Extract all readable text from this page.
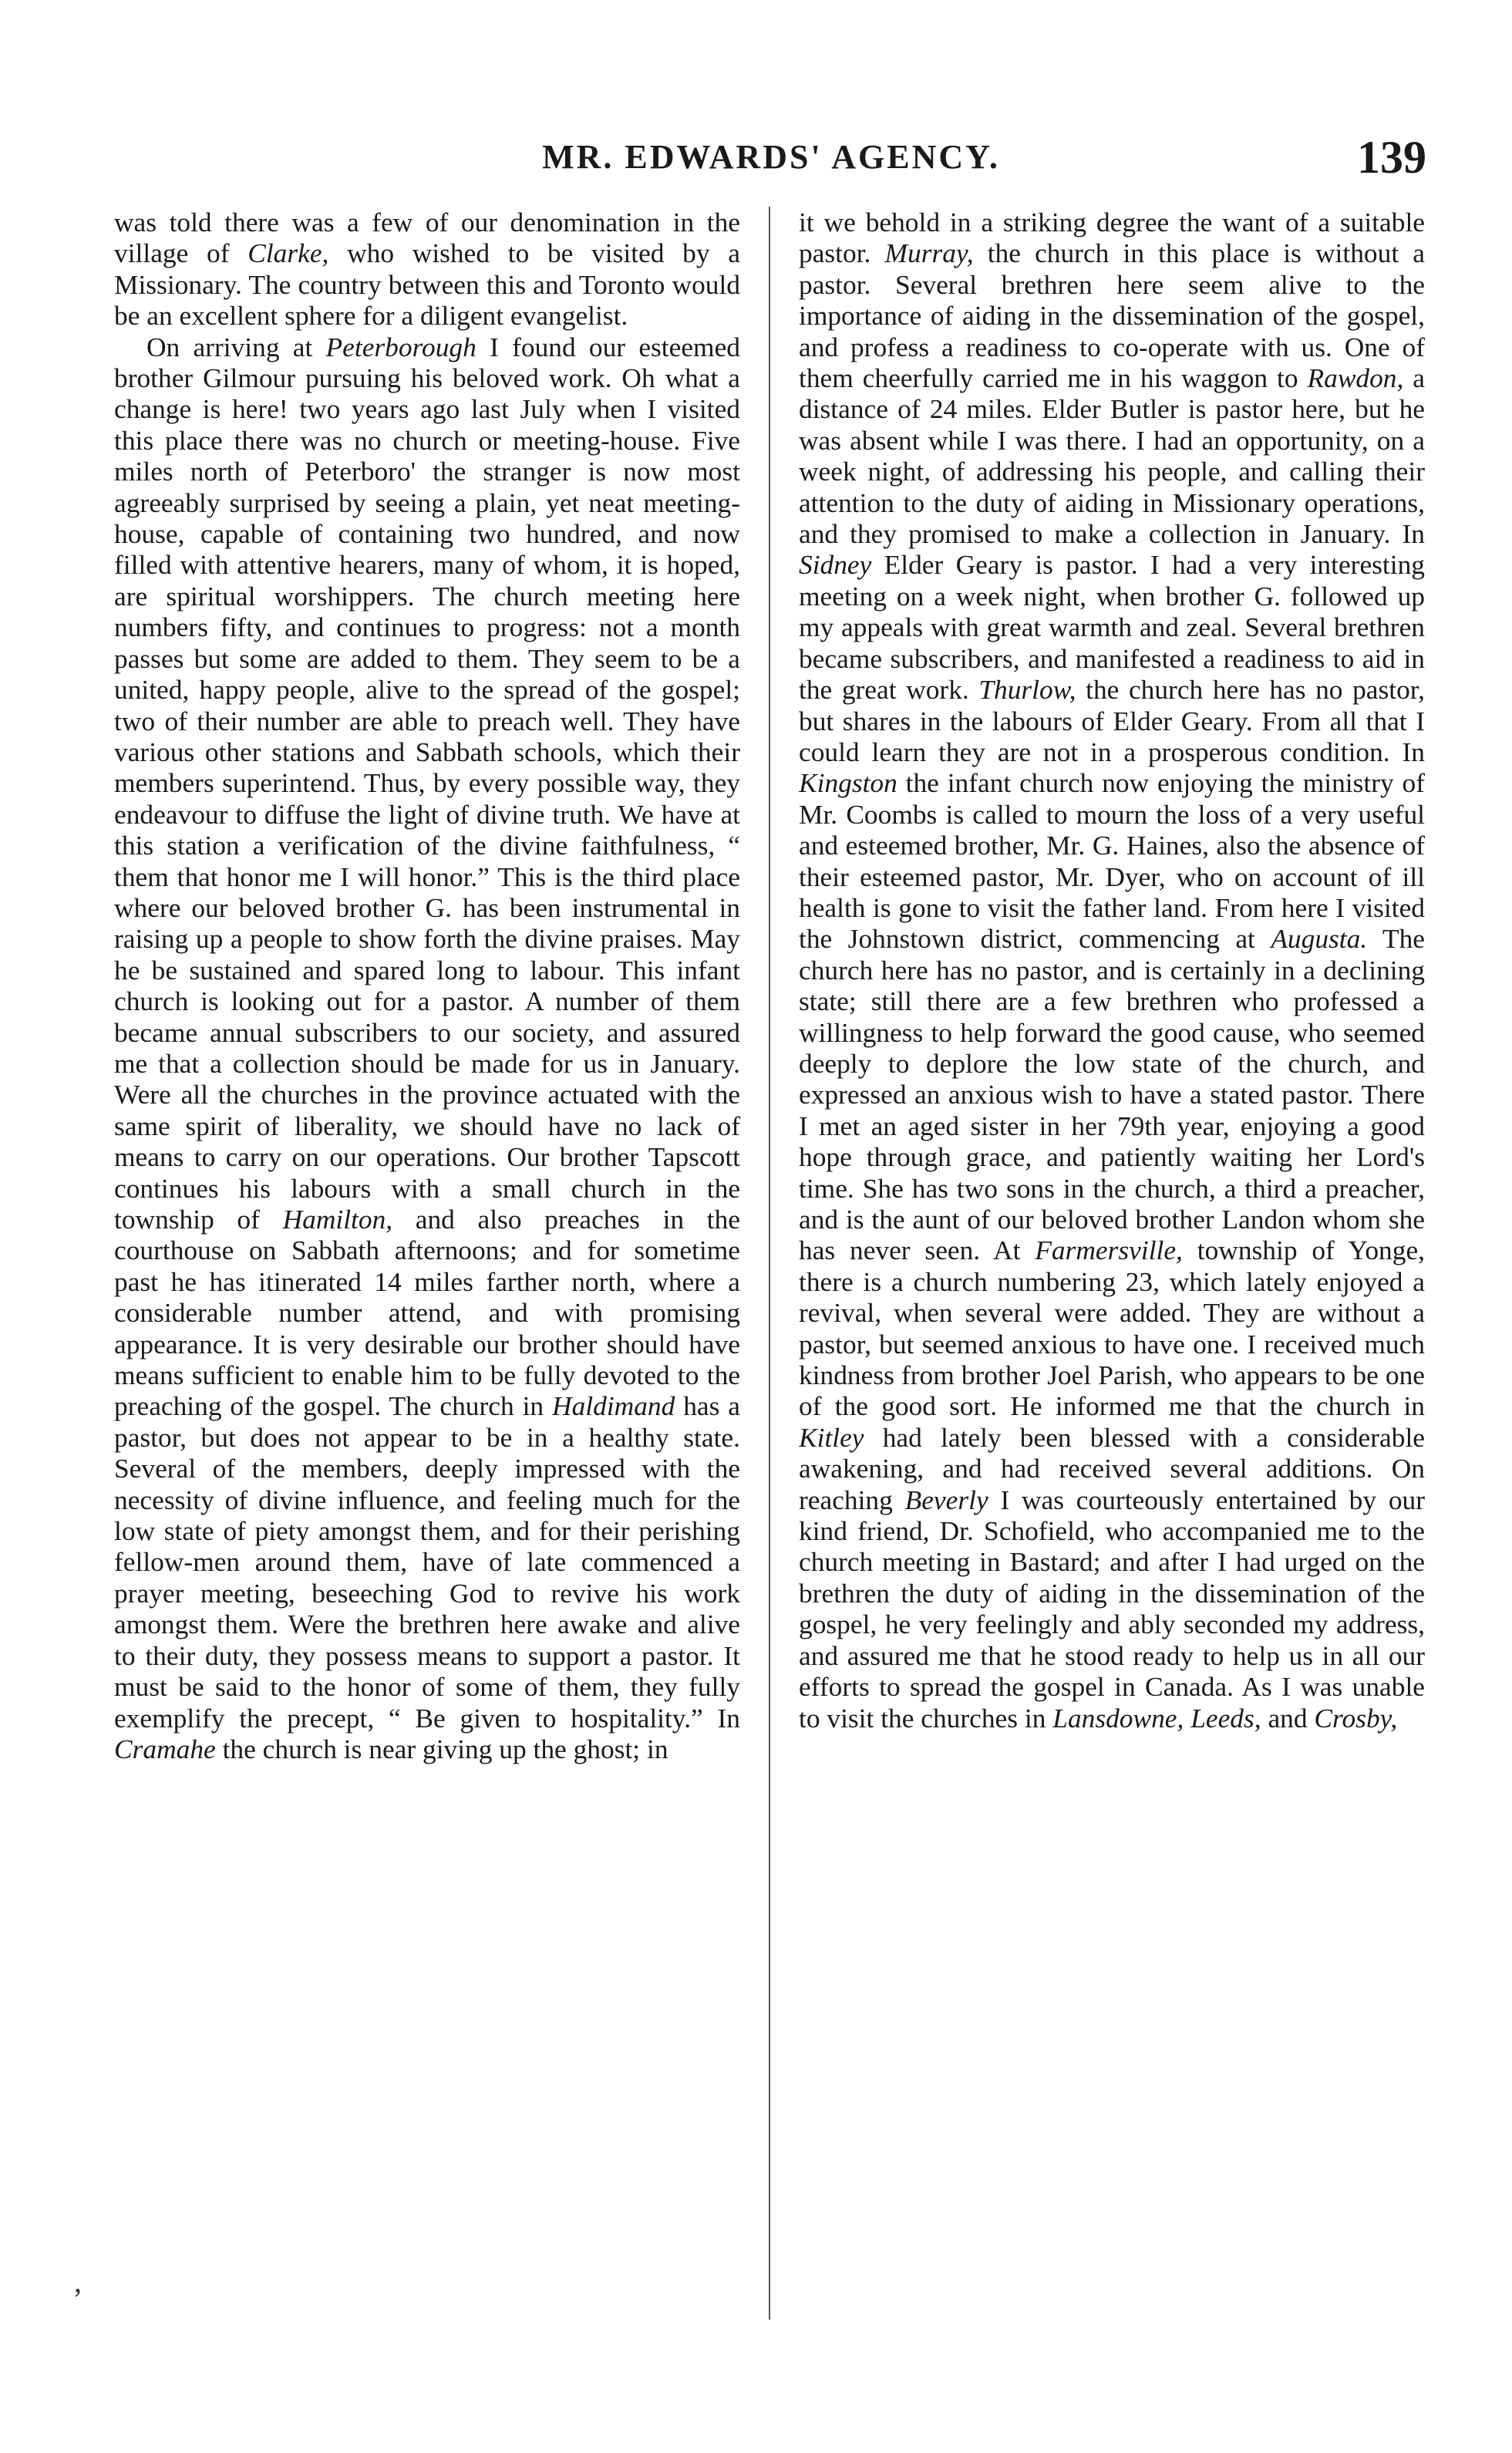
MR. EDWARDS' AGENCY.	139

was told there was a few of our denomination in the village of Clarke, who wished to be visited by a Missionary. The country between this and Toronto would be an excellent sphere for a diligent evangelist.

On arriving at Peterborough I found our esteemed brother Gilmour pursuing his beloved work. Oh what a change is here! two years ago last July when I visited this place there was no church or meeting-house. Five miles north of Peterboro' the stranger is now most agreeably surprised by seeing a plain, yet neat meeting-house, capable of containing two hundred, and now filled with attentive hearers, many of whom, it is hoped, are spiritual worshippers. The church meeting here numbers fifty, and continues to progress: not a month passes but some are added to them. They seem to be a united, happy people, alive to the spread of the gospel; two of their number are able to preach well. They have various other stations and Sabbath schools, which their members superintend. Thus, by every possible way, they endeavour to diffuse the light of divine truth. We have at this station a verification of the divine faithfulness, “ them that honor me I will honor.” This is the third place where our beloved brother G. has been instrumental in raising up a people to show forth the divine praises. May he be sustained and spared long to labour. This infant church is looking out for a pastor. A number of them became annual subscribers to our society, and assured me that a collection should be made for us in January. Were all the churches in the province actuated with the same spirit of liberality, we should have no lack of means to carry on our operations. Our brother Tapscott continues his labours with a small church in the township of Hamilton, and also preaches in the courthouse on Sabbath afternoons; and for sometime past he has itinerated 14 miles farther north, where a considerable number attend, and with promising appearance. It is very desirable our brother should have means sufficient to enable him to be fully devoted to the preaching of the gospel. The church in Haldimand has a pastor, but does not appear to be in a healthy state. Several of the members, deeply impressed with the necessity of divine influence, and feeling much for the low state of piety amongst them, and for their perishing fellow-men around them, have of late commenced a prayer meeting, beseeching God to revive his work amongst them. Were the brethren here awake and alive to their duty, they possess means to support a pastor. It must be said to the honor of some of them, they fully exemplify the precept, “ Be given to hospitality.” In Cramahe the church is near giving up the ghost; in

it we behold in a striking degree the want of a suitable pastor. Murray, the church in this place is without a pastor. Several brethren here seem alive to the importance of aiding in the dissemination of the gospel, and profess a readiness to co-operate with us. One of them cheerfully carried me in his waggon to Rawdon, a distance of 24 miles. Elder Butler is pastor here, but he was absent while I was there. I had an opportunity, on a week night, of addressing his people, and calling their attention to the duty of aiding in Missionary operations, and they promised to make a collection in January. In Sidney Elder Geary is pastor. I had a very interesting meeting on a week night, when brother G. followed up my appeals with great warmth and zeal. Several brethren became subscribers, and manifested a readiness to aid in the great work. Thurlow, the church here has no pastor, but shares in the labours of Elder Geary. From all that I could learn they are not in a prosperous condition. In Kingston the infant church now enjoying the ministry of Mr. Coombs is called to mourn the loss of a very useful and esteemed brother, Mr. G. Haines, also the absence of their esteemed pastor, Mr. Dyer, who on account of ill health is gone to visit the father land. From here I visited the Johnstown district, commencing at Augusta. The church here has no pastor, and is certainly in a declining state; still there are a few brethren who professed a willingness to help forward the good cause, who seemed deeply to deplore the low state of the church, and expressed an anxious wish to have a stated pastor. There I met an aged sister in her 79th year, enjoying a good hope through grace, and patiently waiting her Lord's time. She has two sons in the church, a third a preacher, and is the aunt of our beloved brother Landon whom she has never seen. At Farmersville, township of Yonge, there is a church numbering 23, which lately enjoyed a revival, when several were added. They are without a pastor, but seemed anxious to have one. I received much kindness from brother Joel Parish, who appears to be one of the good sort. He informed me that the church in Kitley had lately been blessed with a considerable awakening, and had received several additions. On reaching Beverly I was courteously entertained by our kind friend, Dr. Schofield, who accompanied me to the church meeting in Bastard; and after I had urged on the brethren the duty of aiding in the dissemination of the gospel, he very feelingly and ably seconded my address, and assured me that he stood ready to help us in all our efforts to spread the gospel in Canada. As I was unable to visit the churches in Lansdowne, Leeds, and Crosby,

,
